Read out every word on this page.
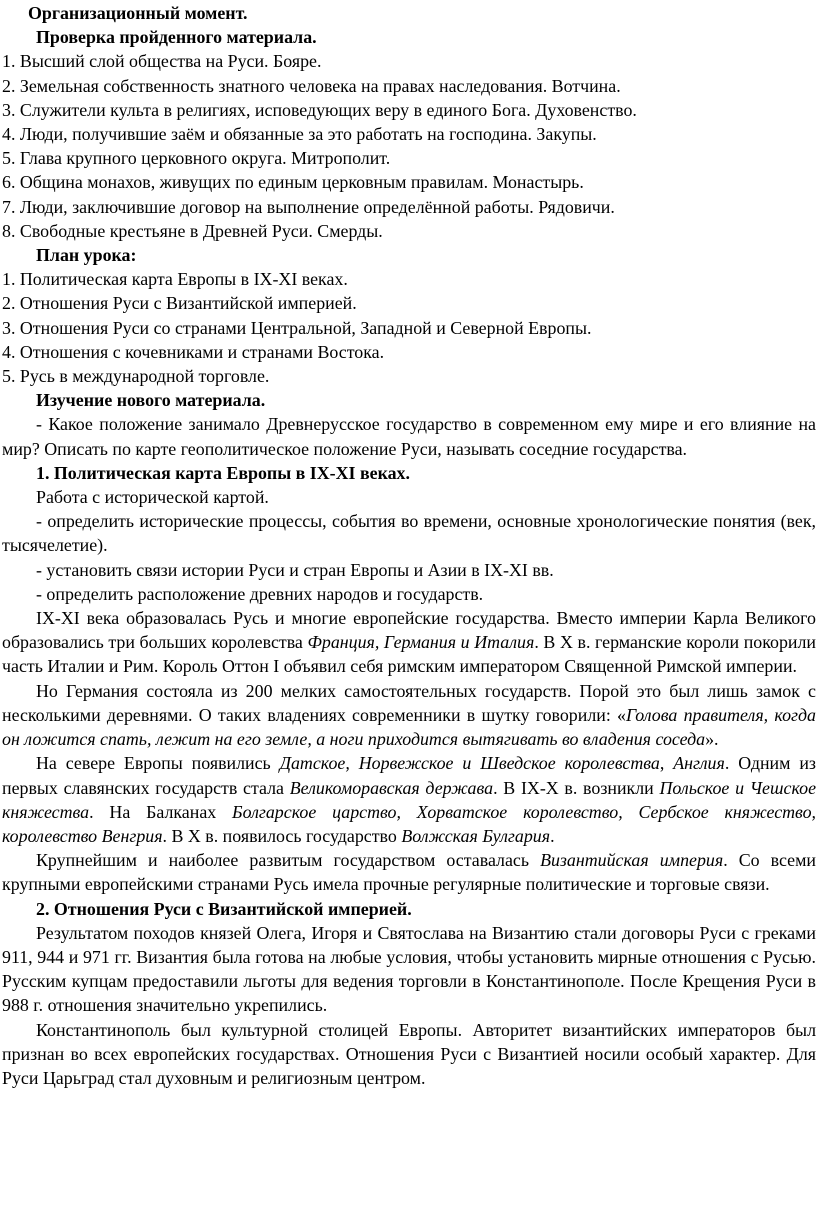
Организационный момент.

Проверка пройденного материала.

1. Высший слой общества на Руси. Бояре.
2. Земельная собственность знатного человека на правах наследования. Вотчина.
3. Служители культа в религиях, исповедующих веру в единого Бога. Духовенство.
4. Люди, получившие заём и обязанные за это работать на господина. Закупы.
5. Глава крупного церковного округа. Митрополит.
6. Община монахов, живущих по единым церковным правилам. Монастырь.
7. Люди, заключившие договор на выполнение определённой работы. Рядовичи.
8. Свободные крестьяне в Древней Руси. Смерды.

План урока:

1. Политическая карта Европы в IX-XI веках.
2. Отношения Руси с Византийской империей.
3. Отношения Руси со странами Центральной, Западной и Северной Европы.
4. Отношения с кочевниками и странами Востока.
5. Русь в международной торговле.

Изучение нового материала.

- Какое положение занимало Древнерусское государство в современном ему мире и его влияние на мир? Описать по карте геополитическое положение Руси, называть соседние государства.

1. Политическая карта Европы в IX-XI веках.

Работа с исторической картой.

- определить исторические процессы, события во времени, основные хронологические понятия (век, тысячелетие).

- установить связи истории Руси и стран Европы и Азии в IX-XI вв.

- определить расположение древних народов и государств.

IX-XI века образовалась Русь и многие европейские государства. Вместо империи Карла Великого образовались три больших королевства Франция, Германия и Италия. В Х в. германские короли покорили часть Италии и Рим. Король Оттон I объявил себя римским императором Священной Римской империи.

Но Германия состояла из 200 мелких самостоятельных государств. Порой это был лишь замок с несколькими деревнями. О таких владениях современники в шутку говорили: «Голова правителя, когда он ложится спать, лежит на его земле, а ноги приходится вытягивать во владения соседа».

На севере Европы появились Датское, Норвежское и Шведское королевства, Англия. Одним из первых славянских государств стала Великоморавская держава. В IX-X в. возникли Польское и Чешское княжества. На Балканах Болгарское царство, Хорватское королевство, Сербское княжество, королевство Венгрия. В Х в. появилось государство Волжская Булгария.

Крупнейшим и наиболее развитым государством оставалась Византийская империя. Со всеми крупными европейскими странами Русь имела прочные регулярные политические и торговые связи.

2. Отношения Руси с Византийской империей.

Результатом походов князей Олега, Игоря и Святослава на Византию стали договоры Руси с греками 911, 944 и 971 гг. Византия была готова на любые условия, чтобы установить мирные отношения с Русью. Русским купцам предоставили льготы для ведения торговли в Константинополе. После Крещения Руси в 988 г. отношения значительно укрепились.

Константинополь был культурной столицей Европы. Авторитет византийских императоров был признан во всех европейских государствах. Отношения Руси с Византией носили особый характер. Для Руси Царьград стал духовным и религиозным центром.
